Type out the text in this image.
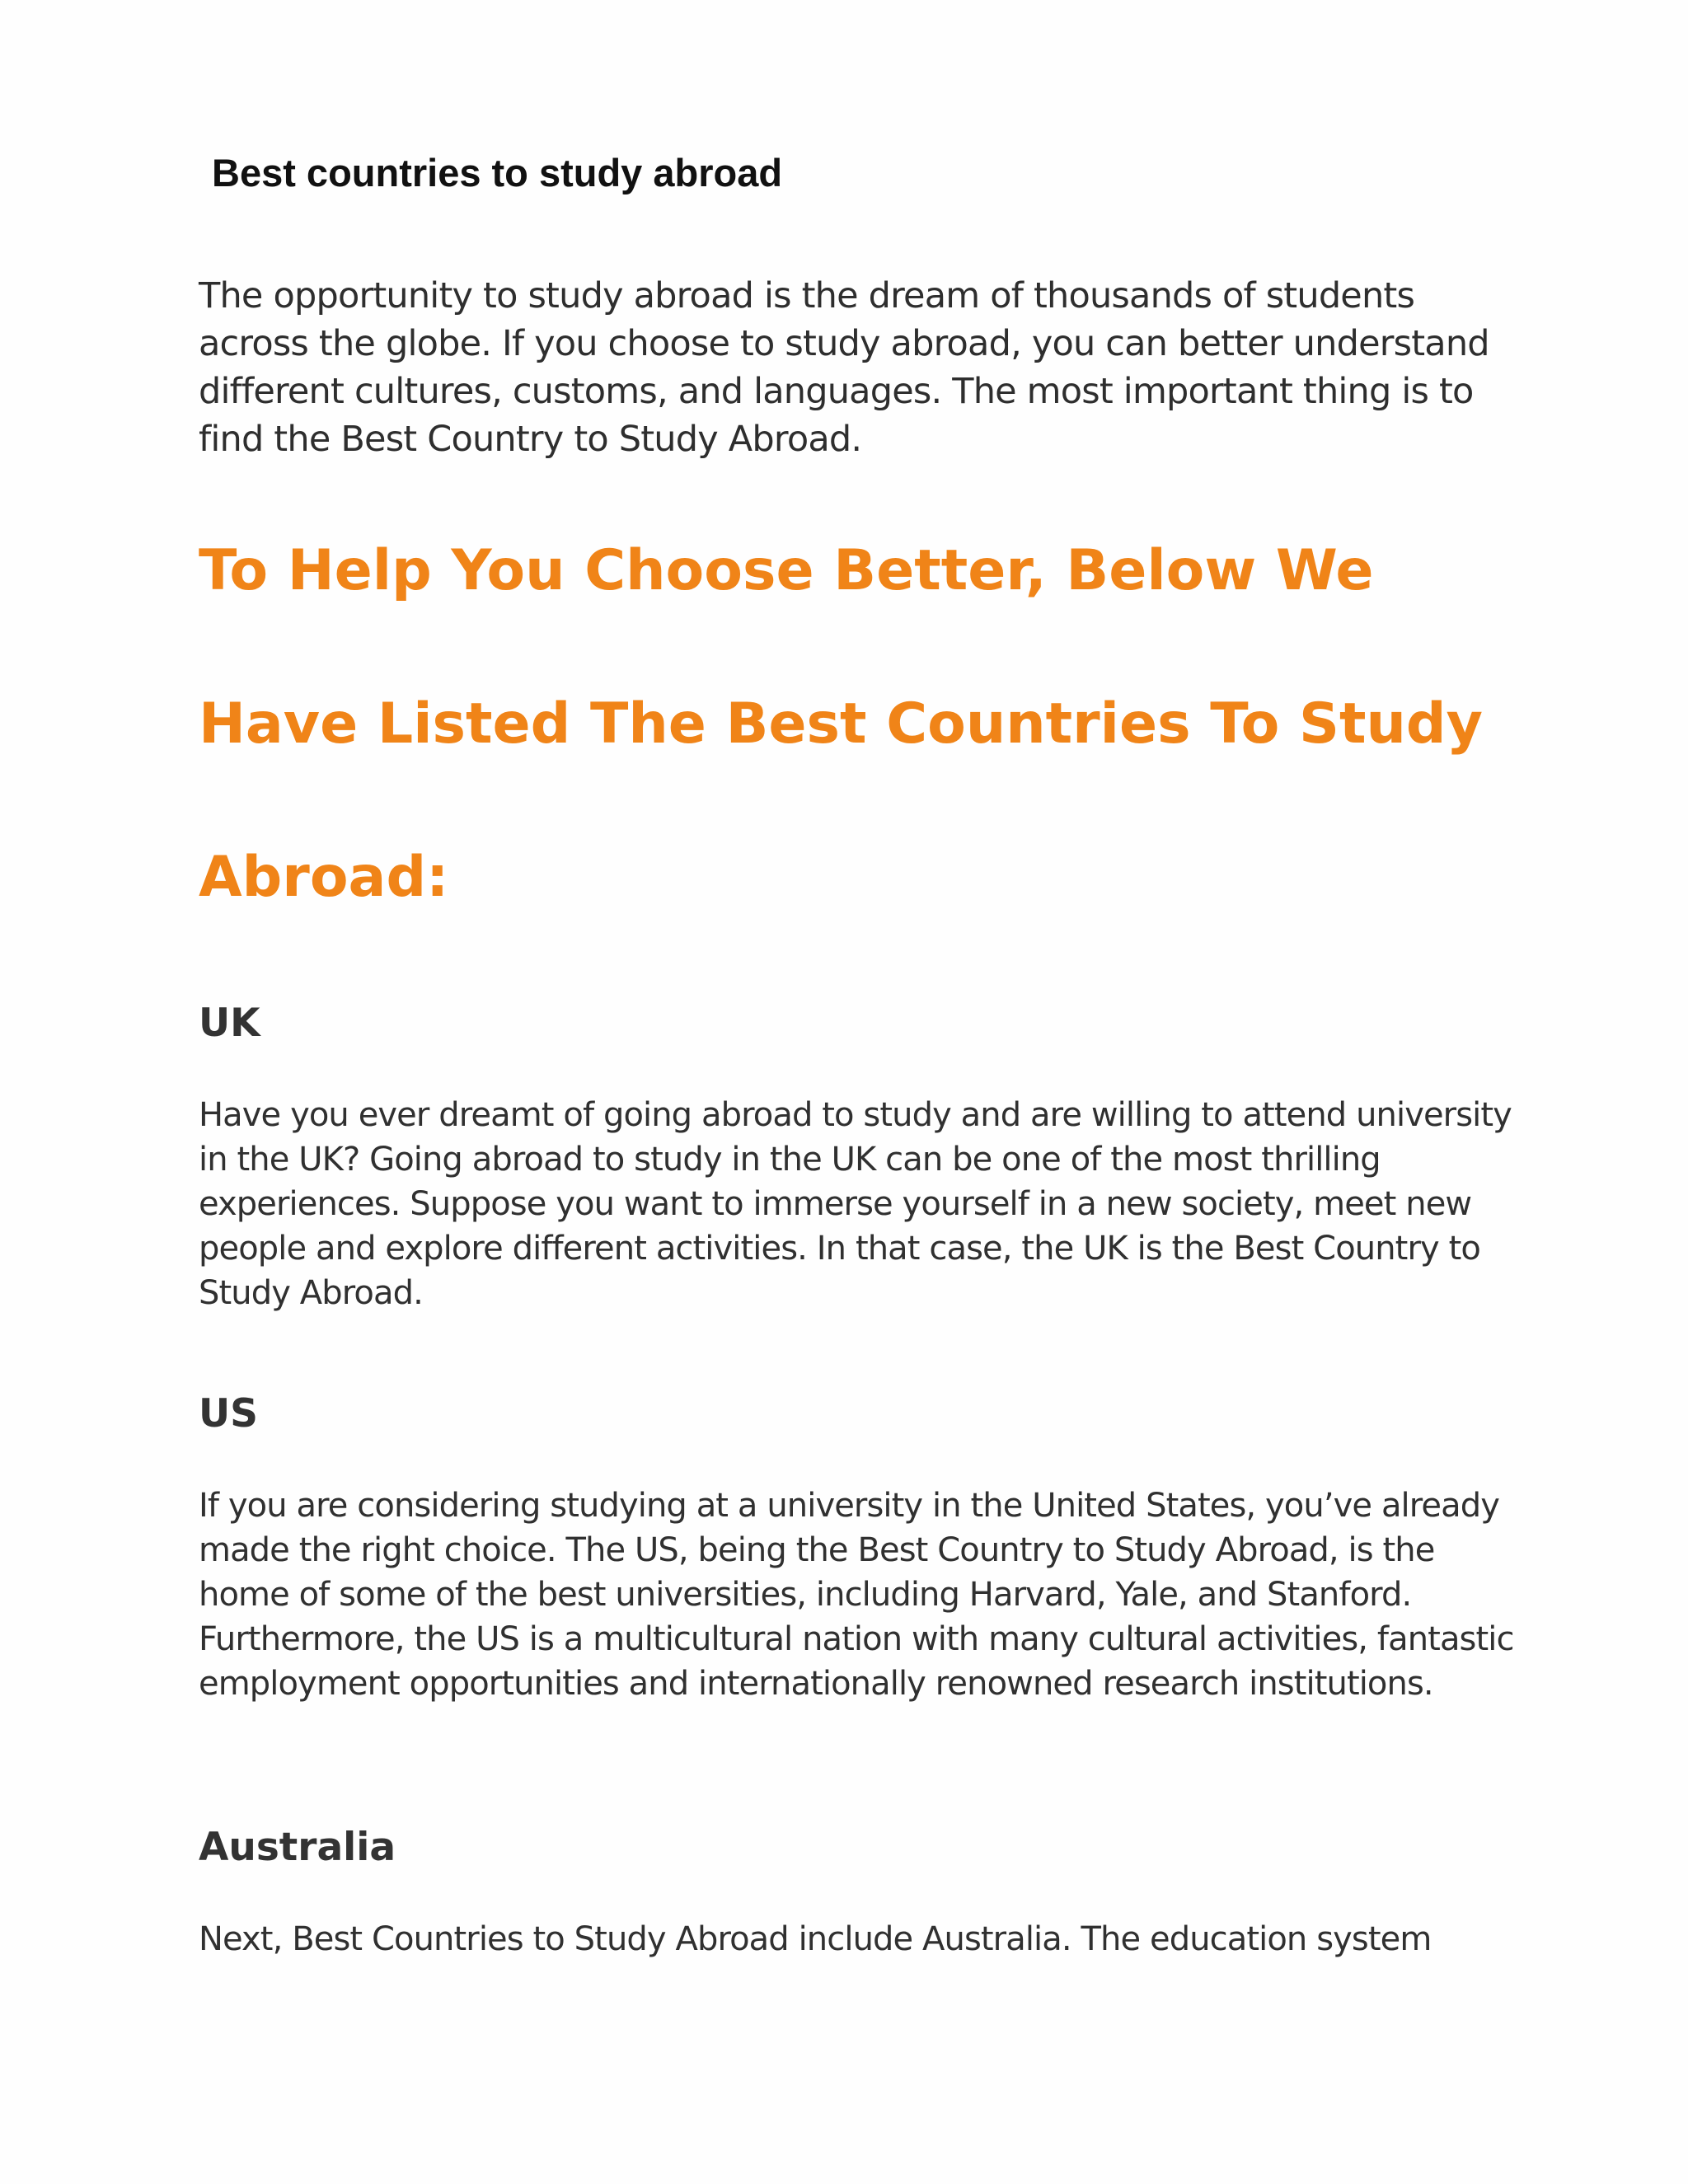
Best countries to study abroad

The opportunity to study abroad is the dream of thousands of students across the globe. If you choose to study abroad, you can better understand different cultures, customs, and languages. The most important thing is to find the Best Country to Study Abroad.

To Help You Choose Better, Below We
Have Listed The Best Countries To Study
Abroad:
UK

Have you ever dreamt of going abroad to study and are willing to attend university in the UK? Going abroad to study in the UK can be one of the most thrilling experiences. Suppose you want to immerse yourself in a new society, meet new people and explore different activities. In that case, the UK is the Best Country to Study Abroad.

US

If you are considering studying at a university in the United States, you’ve already made the right choice. The US, being the Best Country to Study Abroad, is the home of some of the best universities, including Harvard, Yale, and Stanford. Furthermore, the US is a multicultural nation with many cultural activities, fantastic employment opportunities and internationally renowned research institutions.

Australia

Next, Best Countries to Study Abroad include Australia. The education system
